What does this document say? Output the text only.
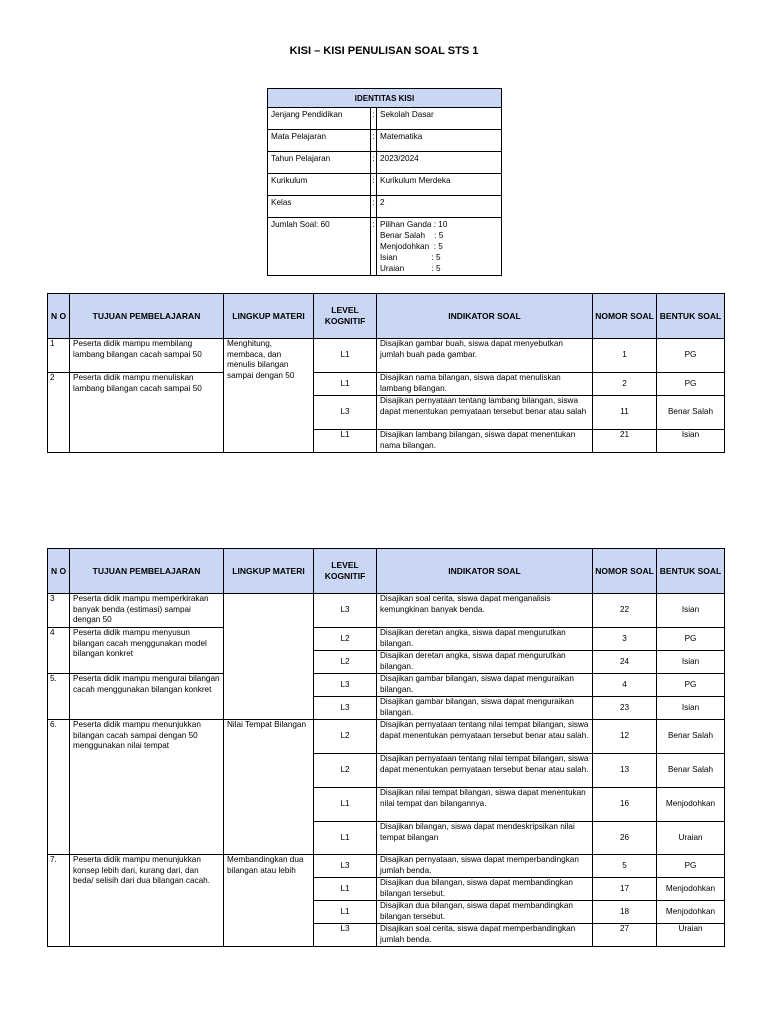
KISI – KISI PENULISAN SOAL STS 1
IDENTITAS KISI		
Jenjang Pendidikan	:	Sekolah Dasar
Mata Pelajaran	:	Matematika
Tahun Pelajaran	:	2023/2024
Kurikulum	:	Kurikulum Merdeka
Kelas	:	2
Jumlah Soal: 60	:	Pilihan Ganda : 10
Benar Salah    : 5
Menjodohkan  : 5
Isian               : 5
Uraian            : 5
N O	TUJUAN PEMBELAJARAN	LINGKUP MATERI	LEVEL KOGNITIF	INDIKATOR SOAL	NOMOR SOAL	BENTUK SOAL
1	Peserta didik mampu membilang lambang bilangan cacah sampai 50	Menghitung, membaca, dan menulis bilangan sampai dengan 50	L1	Disajikan gambar buah, siswa dapat menyebutkan jumlah buah pada gambar.	1	PG
2	Peserta didik mampu menuliskan lambang bilangan cacah sampai 50		L1	Disajikan nama bilangan, siswa dapat menuliskan lambang bilangan.	2	PG
			L3	Disajikan pernyataan tentang lambang bilangan, siswa dapat menentukan pernyataan tersebut benar atau salah	11	Benar Salah
			L1	Disajikan lambang bilangan, siswa dapat menentukan nama bilangan.	21	Isian
N O	TUJUAN PEMBELAJARAN	LINGKUP MATERI	LEVEL KOGNITIF	INDIKATOR SOAL	NOMOR SOAL	BENTUK SOAL
3	Peserta didik mampu memperkirakan banyak benda (estimasi) sampai dengan 50		L3	Disajikan soal cerita, siswa dapat menganalisis kemungkinan banyak benda.	22	Isian
4	Peserta didik mampu menyusun bilangan cacah menggunakan model bilangan konkret		L2	Disajikan deretan angka, siswa dapat mengurutkan bilangan.	3	PG
			L2	Disajikan deretan angka, siswa dapat mengurutkan bilangan.	24	Isian
5.	Peserta didik mampu mengurai bilangan cacah menggunakan bilangan konkret		L3	Disajikan gambar bilangan, siswa dapat menguraikan bilangan.	4	PG
			L3	Disajikan gambar bilangan, siswa dapat menguraikan bilangan.	23	Isian
6.	Peserta didik mampu menunjukkan bilangan cacah sampai dengan 50 menggunakan nilai tempat	Nilai Tempat Bilangan	L2	Disajikan pernyataan tentang nilai tempat bilangan, siswa dapat menentukan pernyataan tersebut benar atau salah.	12	Benar Salah
			L2	Disajikan pernyataan tentang nilai tempat bilangan, siswa dapat menentukan pernyataan tersebut benar atau salah.	13	Benar Salah
			L1	Disajikan nilai tempat bilangan, siswa dapat menentukan nilai tempat dan bilangannya.	16	Menjodohkan
			L1	Disajikan bilangan, siswa dapat mendeskripsikan nilai tempat bilangan	26	Uraian
7.	Peserta didik mampu menunjukkan konsep lebih dari, kurang dari, dan beda/ selisih dari dua bilangan cacah.	Membandingkan dua bilangan atau lebih	L3	Disajikan pernyataan, siswa dapat memperbandingkan jumlah benda.	5	PG
			L1	Disajikan dua bilangan, siswa dapat membandingkan bilangan tersebut.	17	Menjodohkan
			L1	Disajikan dua bilangan, siswa dapat membandingkan bilangan tersebut.	18	Menjodohkan
			L3	Disajikan soal cerita, siswa dapat memperbandingkan jumlah benda.	27	Uraian
